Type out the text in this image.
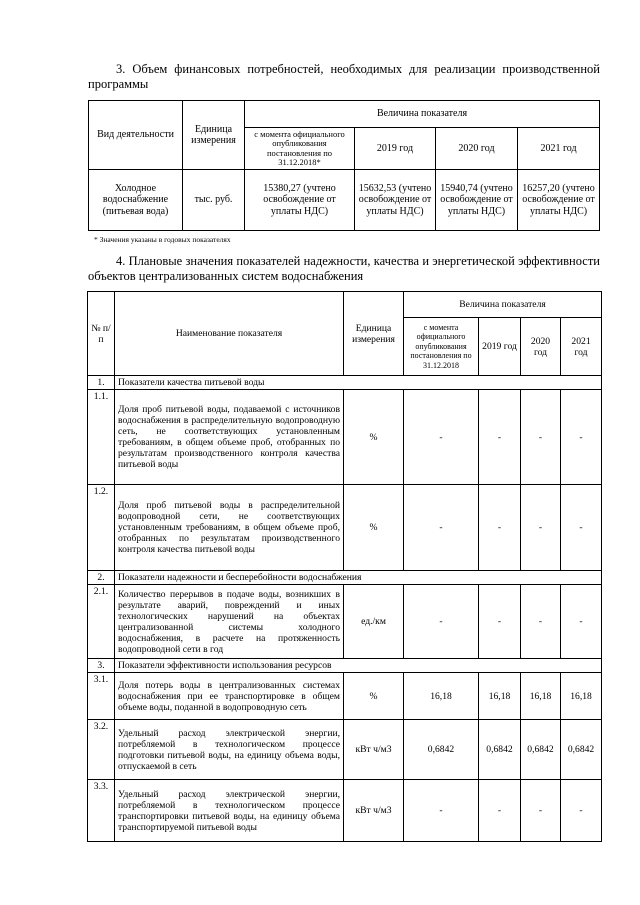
3. Объем финансовых потребностей, необходимых для реализации производственной программы
Вид деятельности	Единица измерения	Величина показателя			
		с момента официального опубликования постановления по 31.12.2018*	2019 год	2020 год	2021 год
Холодное водоснабжение (питьевая вода)	тыс. руб.	15380,27 (учтено освобождение от уплаты НДС)	15632,53 (учтено освобождение от уплаты НДС)	15940,74 (учтено освобождение от уплаты НДС)	16257,20 (учтено освобождение от уплаты НДС)
* Значения указаны в годовых показателях
4. Плановые значения показателей надежности, качества и энергетической эффективности объектов централизованных систем водоснабжения
№ п/п	Наименование показателя	Единица измерения	Величина показателя			
			с момента официального опубликования постановления по 31.12.2018	2019 год	2020 год	2021 год
1.	Показатели качества питьевой воды					
1.1.	Доля проб питьевой воды, подаваемой с источников водоснабжения в распределительную водопроводную сеть, не соответствующих установленным требованиям, в общем объеме проб, отобранных по результатам производственного контроля качества питьевой воды	%	-	-	-	-
1.2.	Доля проб питьевой воды в распределительной водопроводной сети, не соответствующих установленным требованиям, в общем объеме проб, отобранных по результатам производственного контроля качества питьевой воды	%	-	-	-	-
2.	Показатели надежности и бесперебойности водоснабжения					
2.1.	Количество перерывов в подаче воды, возникших в результате аварий, повреждений и иных технологических нарушений на объектах централизованной системы холодного водоснабжения, в расчете на протяженность водопроводной сети в год	ед./км	-	-	-	-
3.	Показатели эффективности использования ресурсов					
3.1.	Доля потерь воды в централизованных системах водоснабжения при ее транспортировке в общем объеме воды, поданной в водопроводную сеть	%	16,18	16,18	16,18	16,18
3.2.	Удельный расход электрической энергии, потребляемой в технологическом процессе подготовки питьевой воды, на единицу объема воды, отпускаемой в сеть	кВт ч/м3	0,6842	0,6842	0,6842	0,6842
3.3.	Удельный расход электрической энергии, потребляемой в технологическом процессе транспортировки питьевой воды, на единицу объема транспортируемой питьевой воды	кВт ч/м3	-	-	-	-
